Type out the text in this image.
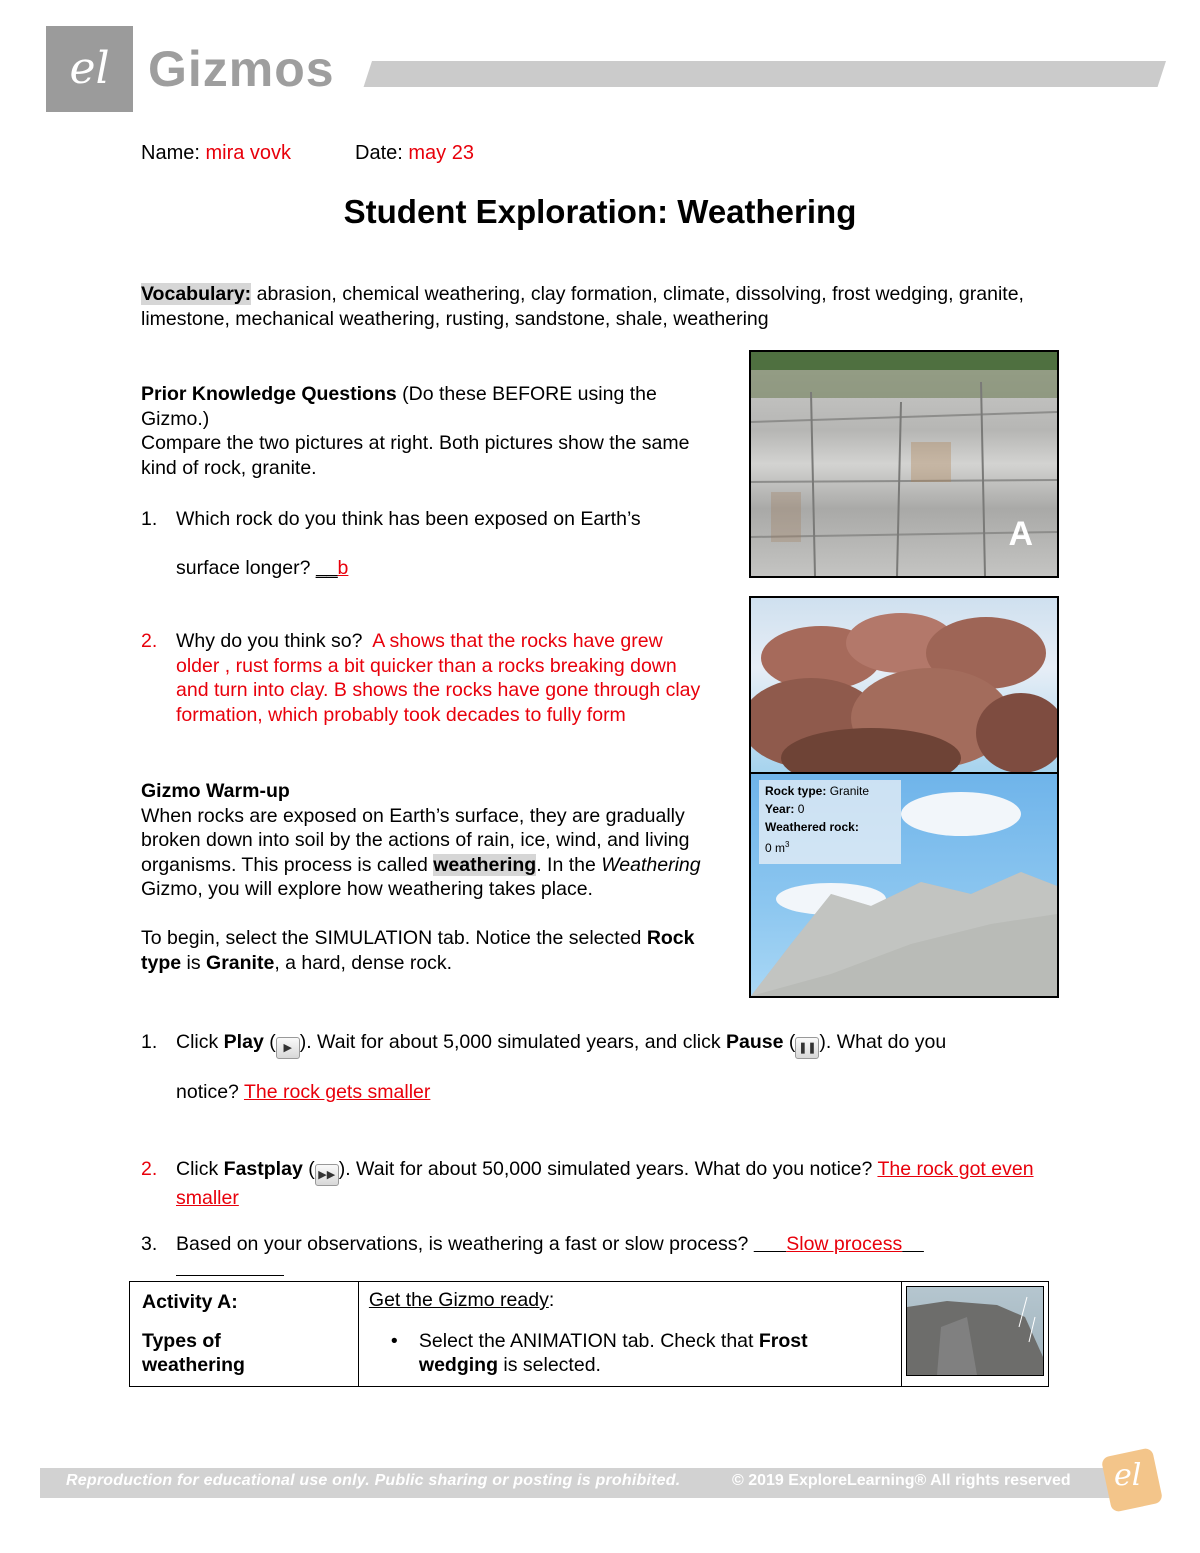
el Gizmos
Name: mira vovk	Date: may 23
Student Exploration: Weathering
Vocabulary: abrasion, chemical weathering, clay formation, climate, dissolving, frost wedging, granite, limestone, mechanical weathering, rusting, sandstone, shale, weathering
Prior Knowledge Questions (Do these BEFORE using the Gizmo.)
Compare the two pictures at right. Both pictures show the same kind of rock, granite.
1. Which rock do you think has been exposed on Earth’s
surface longer? __b
2. Why do you think so? A shows that the rocks have grew older , rust forms a bit quicker than a rocks breaking down and turn into clay. B shows the rocks have gone through clay formation, which probably took decades to fully form
Gizmo Warm-up
When rocks are exposed on Earth’s surface, they are gradually broken down into soil by the actions of rain, ice, wind, and living organisms. This process is called weathering. In the Weathering Gizmo, you will explore how weathering takes place.
To begin, select the SIMULATION tab. Notice the selected Rock type is Granite, a hard, dense rock.
A
Rock type: Granite
Year: 0
Weathered rock:
0 $m^3$
1. Click Play ( ▶ ). Wait for about 5,000 simulated years, and click Pause ( ❚❚ ). What do you
notice? The rock gets smaller
2. Click Fastplay ( ▶▶ ). Wait for about 50,000 simulated years. What do you notice? The rock got even smaller
3. Based on your observations, is weathering a fast or slow process? Slow process
Activity A:
Types of weathering

Get the Gizmo ready:
• Select the ANIMATION tab. Check that Frost wedging is selected.

Reproduction for educational use only. Public sharing or posting is prohibited.	© 2019 ExploreLearning® All rights reserved el
